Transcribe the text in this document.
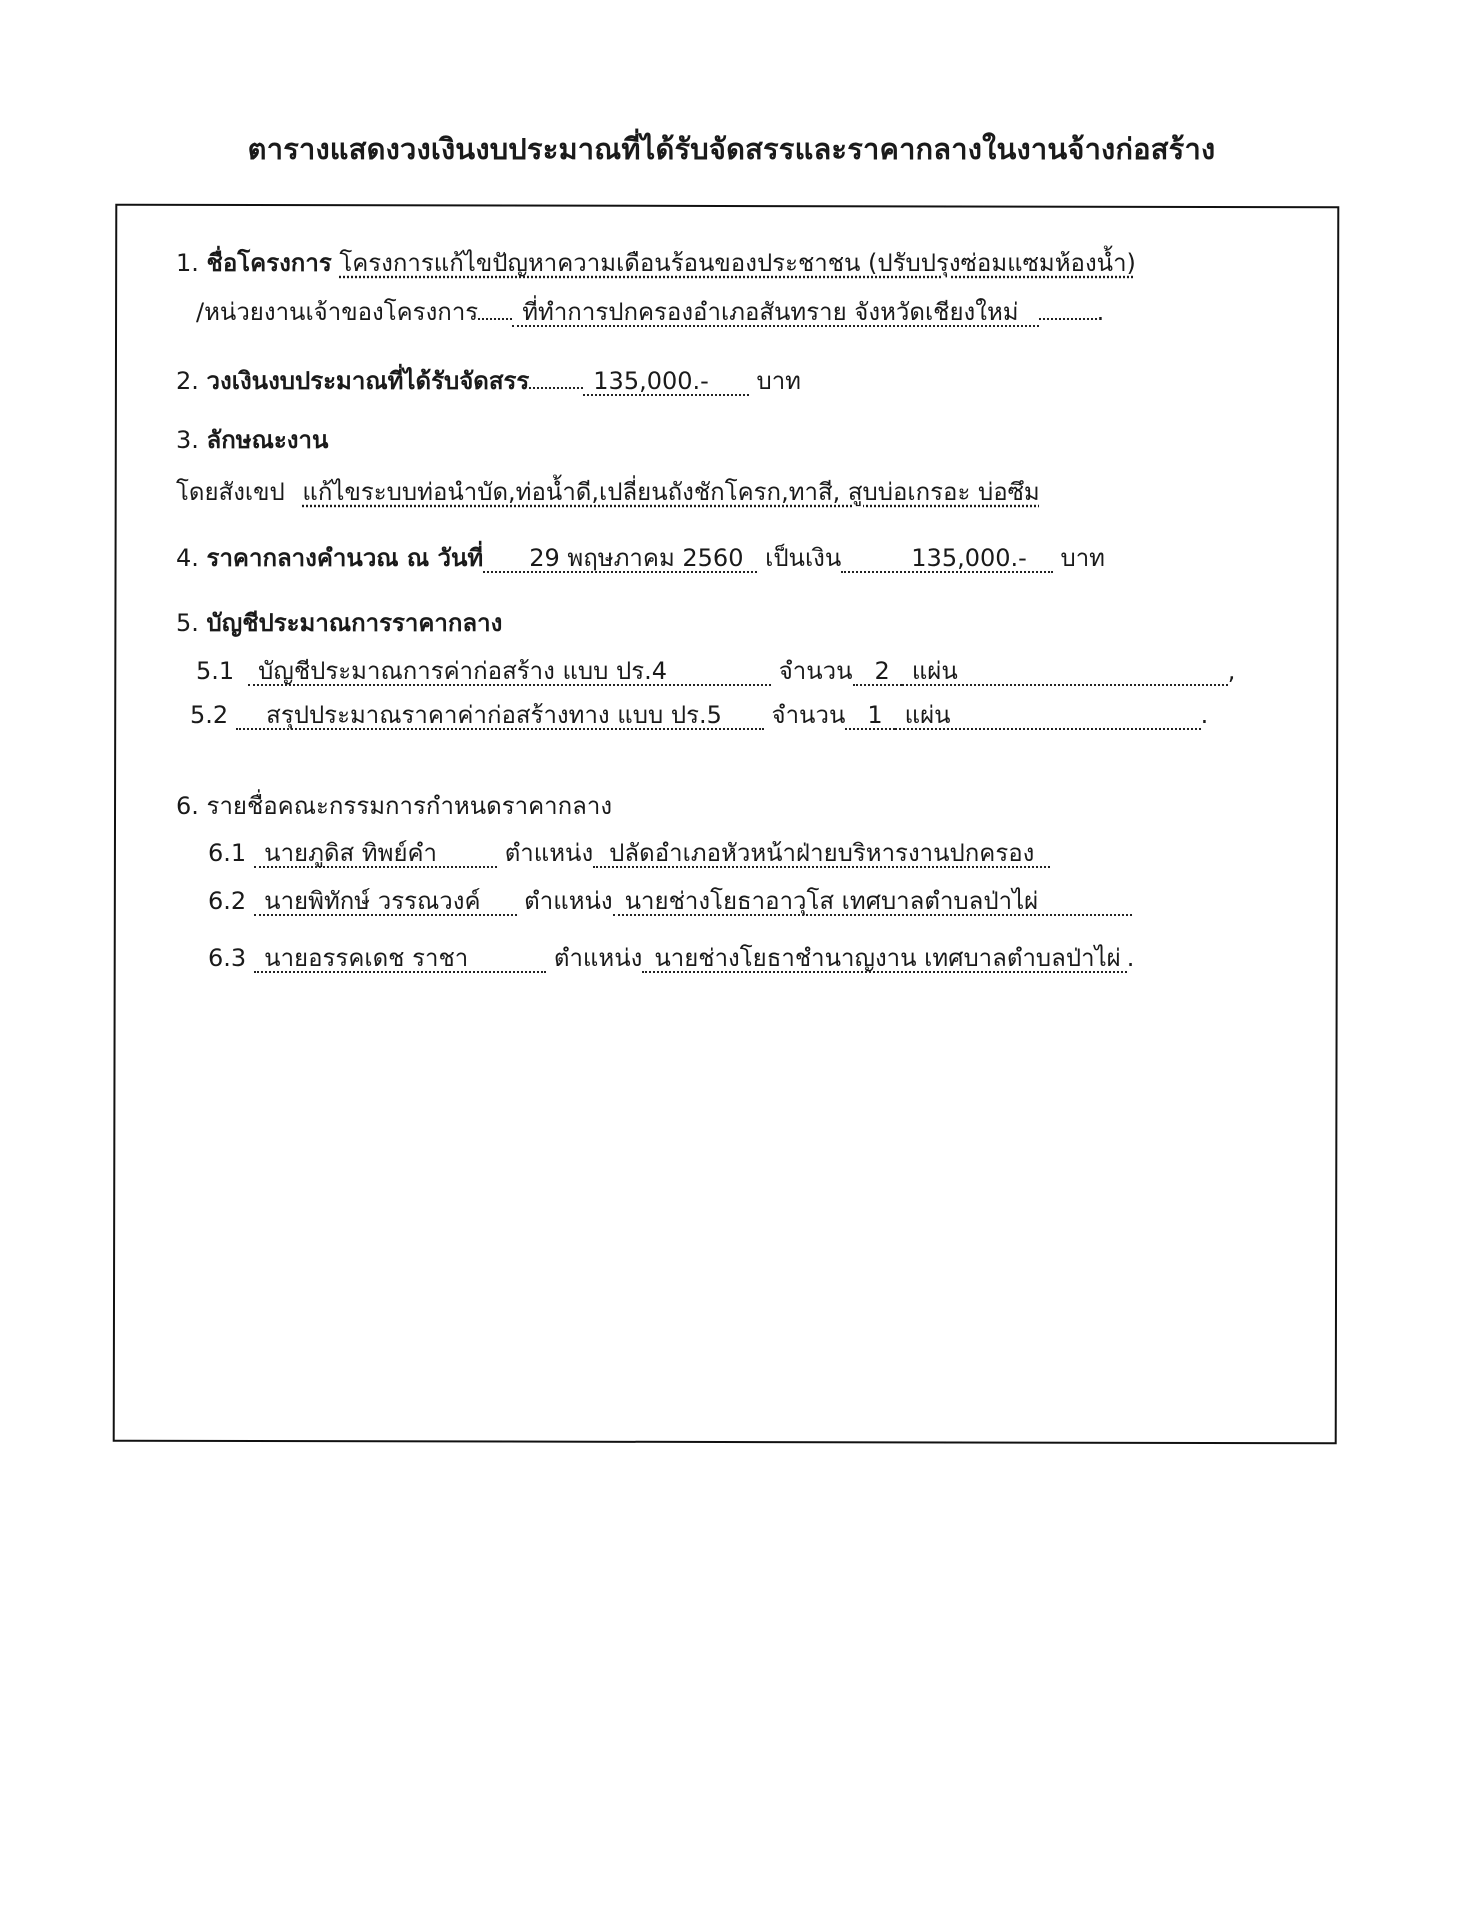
ตารางแสดงวงเงินงบประมาณที่ได้รับจัดสรรและราคากลางในงานจ้างก่อสร้าง
1. ชื่อโครงการ โครงการแก้ไขปัญหาความเดือนร้อนของประชาชน (ปรับปรุงซ่อมแซมห้องน้ำ)
/หน่วยงานเจ้าของโครงการ ที่ทำการปกครองอำเภอสันทราย จังหวัดเชียงใหม่	.
2. วงเงินงบประมาณที่ได้รับจัดสรร	135,000.- บาท
3. ลักษณะงาน
โดยสังเขป แก้ไขระบบท่อนำบัด,ท่อน้ำดี,เปลี่ยนถังชักโครก,ทาสี, สูบบ่อเกรอะ บ่อซึม
4. ราคากลางคำนวณ ณ วันที่ 29 พฤษภาคม 2560 เป็นเงิน	135,000.- บาท
5. บัญชีประมาณการราคากลาง
5.1 บัญชีประมาณการค่าก่อสร้าง แบบ ปร.4	จำนวน 2 แผ่น	,
5.2 สรุปประมาณราคาค่าก่อสร้างทาง แบบ ปร.5 จำนวน 1 แผ่น	.
6. รายชื่อคณะกรรมการกำหนดราคากลาง
6.1 นายภูดิส ทิพย์คำ	ตำแหน่ง ปลัดอำเภอหัวหน้าฝ่ายบริหารงานปกครอง
6.2 นายพิทักษ์ วรรณวงค์ ตำแหน่ง นายช่างโยธาอาวุโส เทศบาลตำบลป่าไผ่
6.3 นายอรรคเดช ราชา	ตำแหน่ง นายช่างโยธาชำนาญงาน เทศบาลตำบลป่าไผ่ .
